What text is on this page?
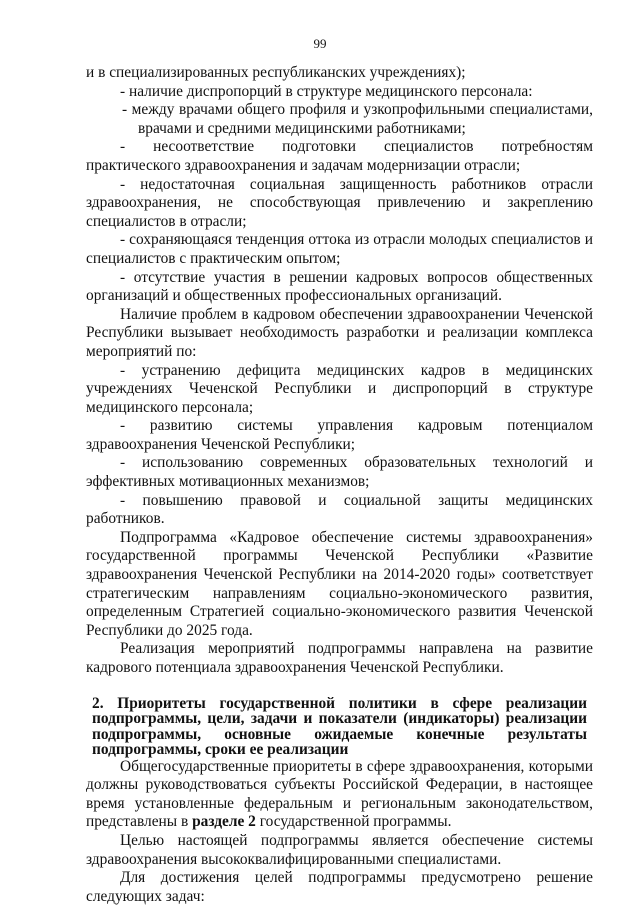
99

и в специализированных республиканских учреждениях);

- наличие диспропорций в структуре медицинского персонала:

- между врачами общего профиля и узкопрофильными специалистами, врачами и средними медицинскими работниками;

- несоответствие подготовки специалистов потребностям практического здравоохранения и задачам модернизации отрасли;

- недостаточная социальная защищенность работников отрасли здравоохранения, не способствующая привлечению и закреплению специалистов в отрасли;

- сохраняющаяся тенденция оттока из отрасли молодых специалистов и специалистов с практическим опытом;

- отсутствие участия в решении кадровых вопросов общественных организаций и общественных профессиональных организаций.

Наличие проблем в кадровом обеспечении здравоохранении Чеченской Республики вызывает необходимость разработки и реализации комплекса мероприятий по:

- устранению дефицита медицинских кадров в медицинских учреждениях Чеченской Республики и диспропорций в структуре медицинского персонала;

- развитию системы управления кадровым потенциалом здравоохранения Чеченской Республики;

- использованию современных образовательных технологий и эффективных мотивационных механизмов;

- повышению правовой и социальной защиты медицинских работников.

Подпрограмма «Кадровое обеспечение системы здравоохранения» государственной программы Чеченской Республики «Развитие здравоохранения Чеченской Республики на 2014-2020 годы» соответствует стратегическим направлениям социально-экономического развития, определенным Стратегией социально-экономического развития Чеченской Республики до 2025 года.

Реализация мероприятий подпрограммы направлена на развитие кадрового потенциала здравоохранения Чеченской Республики.

2. Приоритеты государственной политики в сфере реализации подпрограммы, цели, задачи и показатели (индикаторы) реализации подпрограммы, основные ожидаемые конечные результаты подпрограммы, сроки ее реализации

Общегосударственные приоритеты в сфере здравоохранения, которыми должны руководствоваться субъекты Российской Федерации, в настоящее время установленные федеральным и региональным законодательством, представлены в разделе 2 государственной программы.

Целью настоящей подпрограммы является обеспечение системы здравоохранения высококвалифицированными специалистами.

Для достижения целей подпрограммы предусмотрено решение следующих задач:
